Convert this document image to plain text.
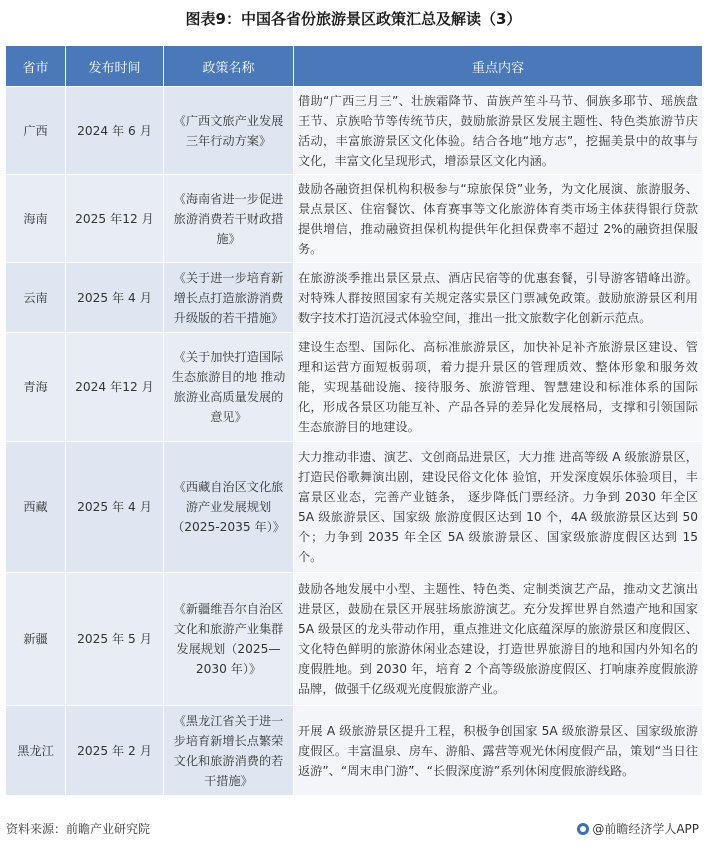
图表9：中国各省份旅游景区政策汇总及解读（3）
省市	发布时间	政策名称	重点内容
广西	2024 年 6 月	《广西文旅产业发展三年行动方案》	借助“广西三月三”、壮族霜降节、苗族芦笙斗马节、侗族多耶节、瑶族盘王节、京族哈节等传统节庆，鼓励旅游景区发展主题性、特色类旅游节庆活动，丰富旅游景区文化体验。结合各地“地方志”，挖掘美景中的故事与文化，丰富文化呈现形式，增添景区文化内涵。
海南	2025 年12 月	《海南省进一步促进旅游消费若干财政措施》	鼓励各融资担保机构积极参与“琼旅保贷”业务，为文化展演、旅游服务、景点景区、住宿餐饮、体育赛事等文化旅游体育类市场主体获得银行贷款提供增信，推动融资担保机构提供年化担保费率不超过 2%的融资担保服务。
云南	2025 年 4 月	《关于进一步培育新增长点打造旅游消费升级版的若干措施》	在旅游淡季推出景区景点、酒店民宿等的优惠套餐，引导游客错峰出游。对特殊人群按照国家有关规定落实景区门票减免政策。鼓励旅游景区利用数字技术打造沉浸式体验空间，推出一批文旅数字化创新示范点。
青海	2024 年12 月	《关于加快打造国际生态旅游目的地 推动旅游业高质量发展的意见》	建设生态型、国际化、高标准旅游景区，加快补足补齐旅游景区建设、管理和运营方面短板弱项，着力提升景区的管理质效、整体形象和服务效能，实现基础设施、接待服务、旅游管理、智慧建设和标准体系的国际化，形成各景区功能互补、产品各异的差异化发展格局，支撑和引领国际生态旅游目的地建设。
西藏	2025 年 4 月	《西藏自治区文化旅游产业发展规划（2025-2035 年）》	大力推动非遗、演艺、文创商品进景区，大力推 进高等级 A 级旅游景区，打造民俗歌舞演出剧，建设民俗文化体 验馆，开发深度娱乐体验项目，丰富景区业态，完善产业链条， 逐步降低门票经济。力争到 2030 年全区 5A 级旅游景区、国家级 旅游度假区达到 10 个，4A 级旅游景区达到 50 个；力争到 2035 年全区 5A 级旅游景区、国家级旅游度假区达到 15 个。
新疆	2025 年 5 月	《新疆维吾尔自治区文化和旅游产业集群发展规划（2025—2030 年）》	鼓励各地发展中小型、主题性、特色类、定制类演艺产品，推动文艺演出进景区，鼓励在景区开展驻场旅游演艺。充分发挥世界自然遗产地和国家 5A 级景区的龙头带动作用，重点推进文化底蕴深厚的旅游景区和度假区、文化特色鲜明的旅游休闲业态建设，打造世界旅游目的地和国内外知名的度假胜地。到 2030 年，培育 2 个高等级旅游度假区、打响康养度假旅游品牌，做强千亿级观光度假旅游产业。
黑龙江	2025 年 2 月	《黑龙江省关于进一步培育新增长点繁荣文化和旅游消费的若干措施》	开展 A 级旅游景区提升工程，积极争创国家 5A 级旅游景区、国家级旅游度假区。丰富温泉、房车、游船、露营等观光休闲度假产品，策划“当日往返游”、“周末串门游”、“长假深度游”系列休闲度假旅游线路。
资料来源：前瞻产业研究院	@前瞻经济学人APP
